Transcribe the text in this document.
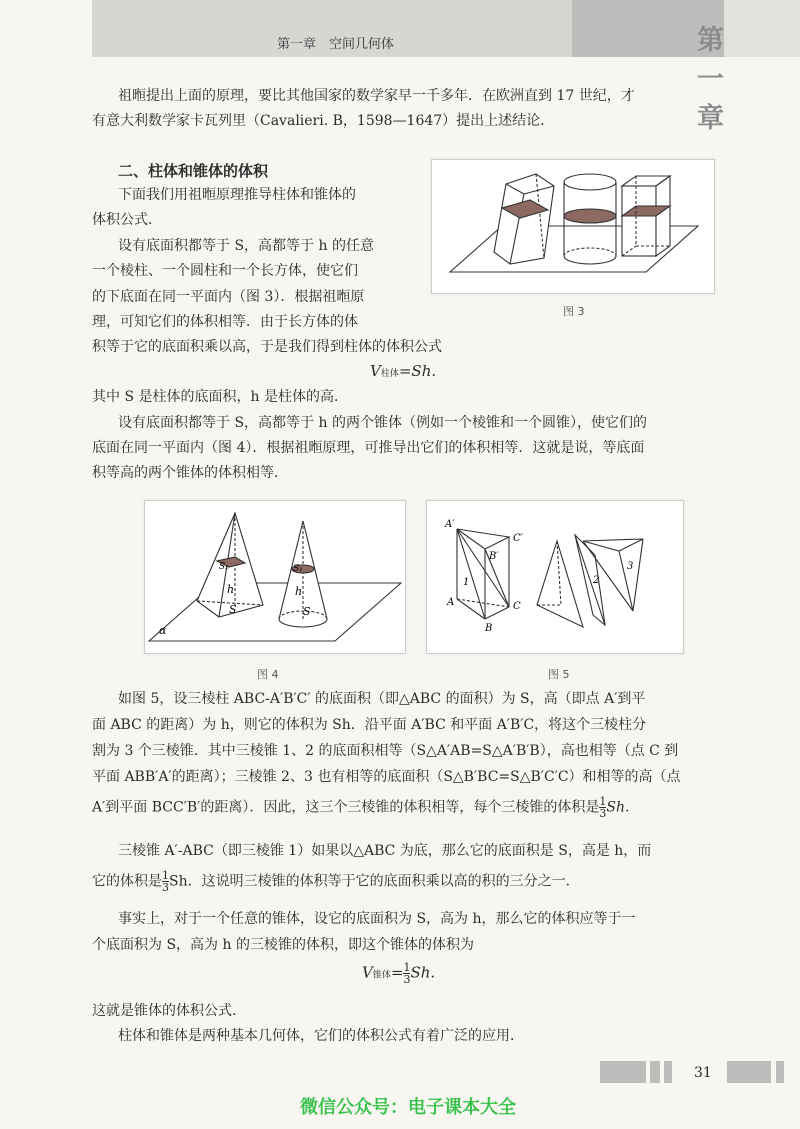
第一章　空间几何体	第一章
祖暅提出上面的原理，要比其他国家的数学家早一千多年．在欧洲直到 17 世纪，才
有意大利数学家卡瓦列里（Cavalieri. B，1598—1647）提出上述结论．
二、柱体和锥体的体积
下面我们用祖暅原理推导柱体和锥体的
体积公式．
设有底面积都等于 S，高都等于 h 的任意
一个棱柱、一个圆柱和一个长方体，使它们
的下底面在同一平面内（图 3）．根据祖暅原
理，可知它们的体积相等．由于长方体的体
积等于它的底面积乘以高，于是我们得到柱体的体积公式
V柱体=Sh.
其中 S 是柱体的底面积，h 是柱体的高．
设有底面积都等于 S，高都等于 h 的两个锥体（例如一个棱锥和一个圆锥），使它们的
底面在同一平面内（图 4）．根据祖暅原理，可推导出它们的体积相等．这就是说，等底面
积等高的两个锥体的体积相等．
图 3
S₁	S₁
h	h
S	S
α
图 4
A′
C′
B′
A	C
B
1	2
3
图 5
如图 5，设三棱柱 ABC-A′B′C′ 的底面积（即△ABC 的面积）为 S，高（即点 A′到平
面 ABC 的距离）为 h，则它的体积为 Sh．沿平面 A′BC 和平面 A′B′C，将这个三棱柱分
割为 3 个三棱锥．其中三棱锥 1、2 的底面积相等（S△A′AB=S△A′B′B），高也相等（点 C 到
平面 ABB′A′的距离）；三棱锥 2、3 也有相等的底面积（S△B′BC=S△B′C′C）和相等的高（点
A′到平面 BCC′B′的距离）．因此，这三个三棱锥的体积相等，每个三棱锥的体积是 $\frac{1}{3} Sh$.
三棱锥 A′-ABC（即三棱锥 1）如果以△ABC 为底，那么它的底面积是 S，高是 h，而
它的体积是 $\frac{1}{3}$ Sh．这说明三棱锥的体积等于它的底面积乘以高的积的三分之一．
事实上，对于一个任意的锥体，设它的底面积为 S，高为 h，那么它的体积应等于一
个底面积为 S，高为 h 的三棱锥的体积，即这个锥体的体积为
V锥体= $\frac{1}{3} Sh$.
这就是锥体的体积公式．
柱体和锥体是两种基本几何体，它们的体积公式有着广泛的应用．
31
微信公众号：电子课本大全
